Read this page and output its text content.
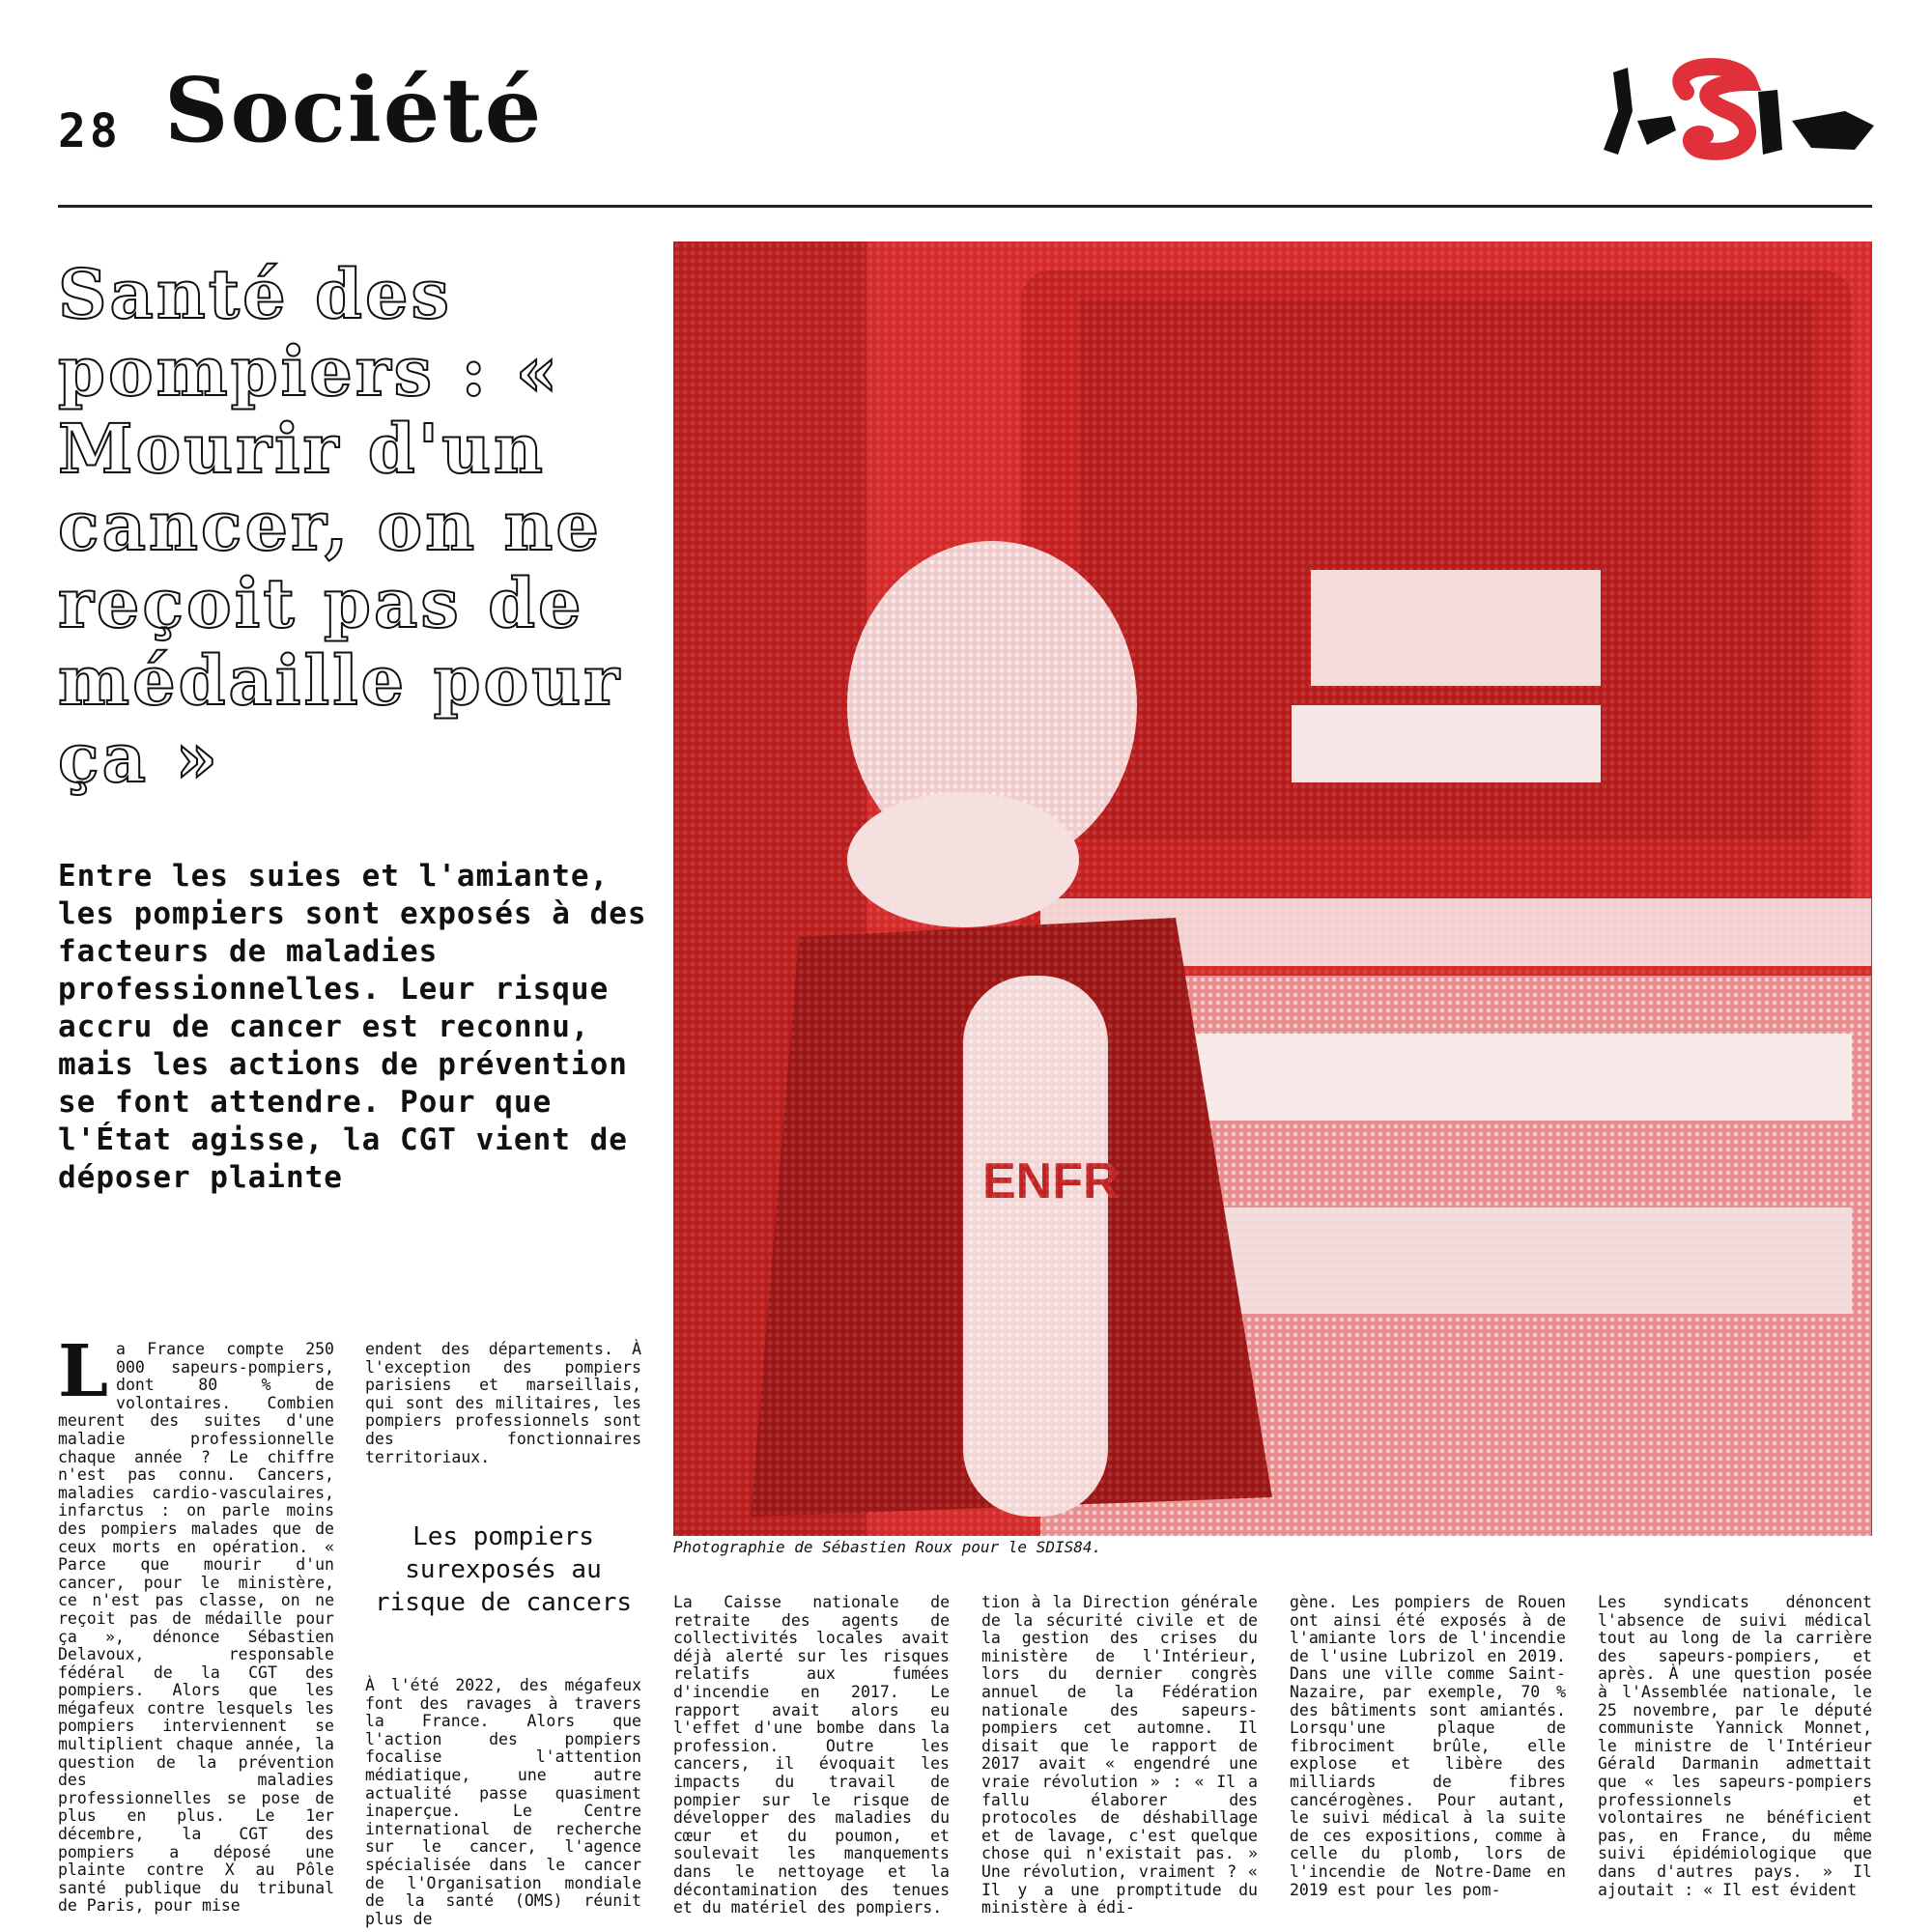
28 Société
Santé des pompiers : « Mourir d'un cancer, on ne reçoit pas de médaille pour ça »
Entre les suies et l'amiante, les pompiers sont exposés à des facteurs de maladies professionnelles. Leur risque accru de cancer est reconnu, mais les actions de prévention se font attendre. Pour que l'État agisse, la CGT vient de déposer plainte	ENFR
Photographie de Sébastien Roux pour le SDIS84.
L a France compte 250 000 sapeurs-pompiers, dont 80 % de volontaires. Combien meurent des suites d'une maladie professionnelle chaque année ? Le chiffre n'est pas connu. Cancers, maladies cardio-vasculaires, infarctus : on parle moins des pompiers malades que de ceux morts en opération. « Parce que mourir d'un cancer, pour le ministère, ce n'est pas classe, on ne reçoit pas de médaille pour ça », dénonce Sébastien Delavoux, responsable fédéral de la CGT des pompiers. Alors que les mégafeux contre lesquels les pompiers interviennent se multiplient chaque année, la question de la prévention des maladies professionnelles se pose de plus en plus. Le 1er décembre, la CGT des pompiers a déposé une plainte contre X au Pôle santé publique du tribunal de Paris, pour mise
endent des départements. À l'exception des pompiers parisiens et marseillais, qui sont des militaires, les pompiers professionnels sont des fonctionnaires territoriaux.
Les pompiers surexposés au risque de cancers
À l'été 2022, des mégafeux font des ravages à travers la France. Alors que l'action des pompiers focalise l'attention médiatique, une autre actualité passe quasiment inaperçue. Le Centre international de recherche sur le cancer, l'agence spécialisée dans le cancer de l'Organisation mondiale de la santé (OMS) réunit plus de
La Caisse nationale de retraite des agents de collectivités locales avait déjà alerté sur les risques relatifs aux fumées d'incendie en 2017. Le rapport avait alors eu l'effet d'une bombe dans la profession. Outre les cancers, il évoquait les impacts du travail de pompier sur le risque de développer des maladies du cœur et du poumon, et soulevait les manquements dans le nettoyage et la décontamination des tenues et du matériel des pompiers.
tion à la Direction générale de la sécurité civile et de la gestion des crises du ministère de l'Intérieur, lors du dernier congrès annuel de la Fédération nationale des sapeurs-pompiers cet automne. Il disait que le rapport de 2017 avait « engendré une vraie révolution » : « Il a fallu élaborer des protocoles de déshabillage et de lavage, c'est quelque chose qui n'existait pas. » Une révolution, vraiment ? « Il y a une promptitude du ministère à édi-
gène. Les pompiers de Rouen ont ainsi été exposés à de l'amiante lors de l'incendie de l'usine Lubrizol en 2019. Dans une ville comme Saint-Nazaire, par exemple, 70 % des bâtiments sont amiantés. Lorsqu'une plaque de fibrociment brûle, elle explose et libère des milliards de fibres cancérogènes. Pour autant, le suivi médical à la suite de ces expositions, comme à celle du plomb, lors de l'incendie de Notre-Dame en 2019 est pour les pom-
Les syndicats dénoncent l'absence de suivi médical tout au long de la carrière des sapeurs-pompiers, et après. À une question posée à l'Assemblée nationale, le 25 novembre, par le député communiste Yannick Monnet, le ministre de l'Intérieur Gérald Darmanin admettait que « les sapeurs-pompiers professionnels et volontaires ne bénéficient pas, en France, du même suivi épidémiologique que dans d'autres pays. » Il ajoutait : « Il est évident
